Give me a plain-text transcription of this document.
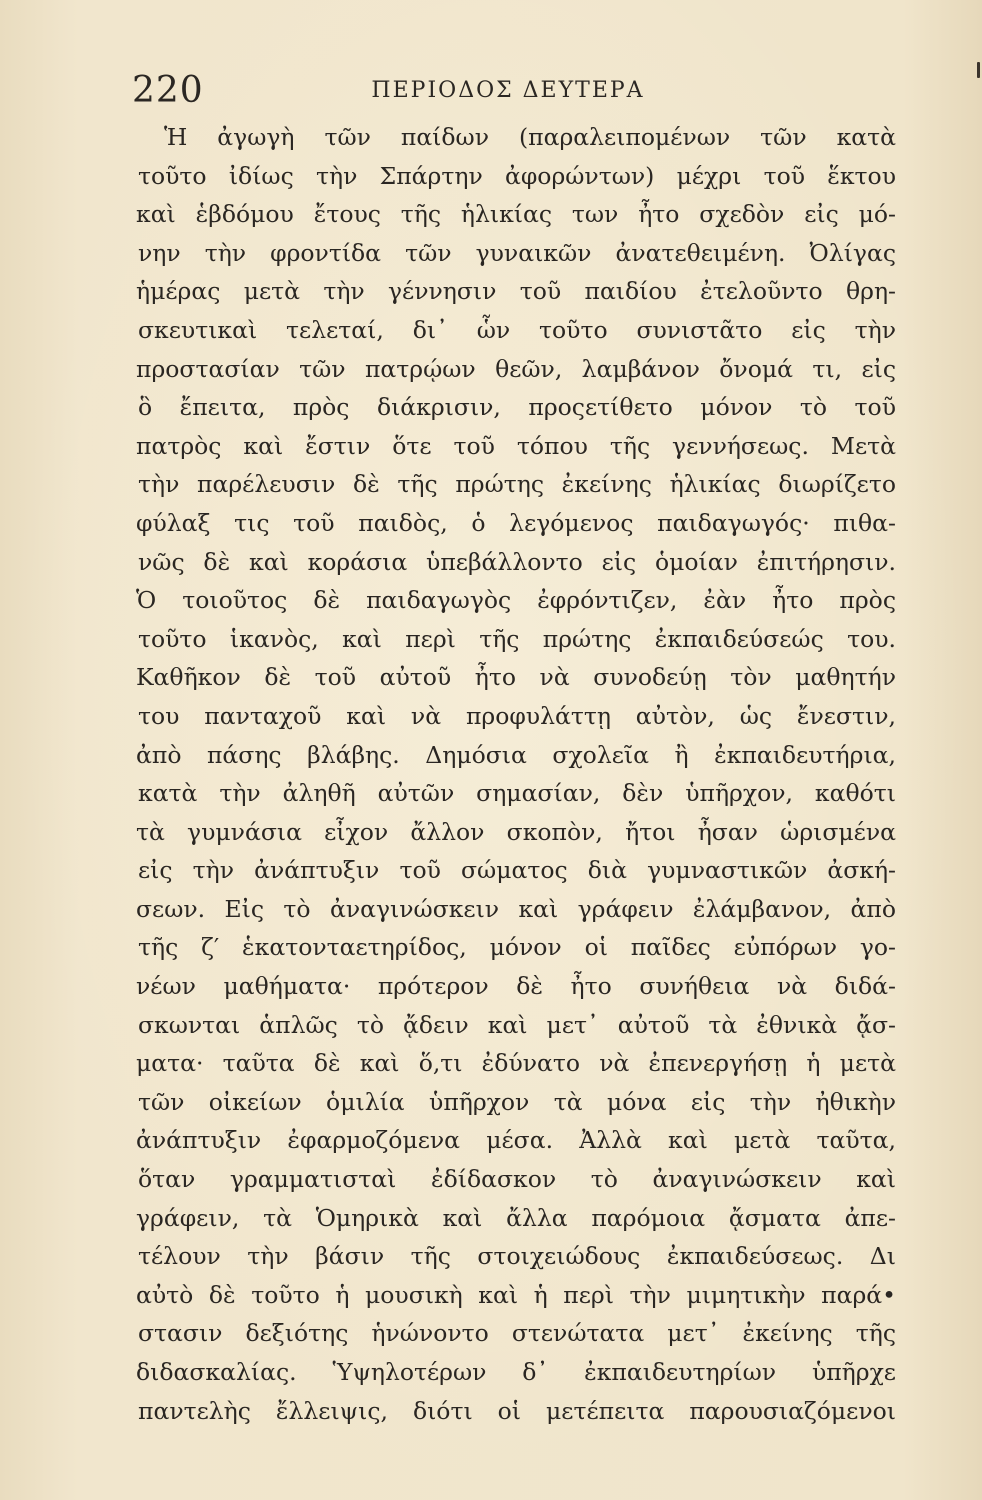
220	ΠΕΡΙΟΔΟΣ ΔΕΥΤΕΡΑ
Ἡ ἀγωγὴ τῶν παίδων (παραλειπομένων τῶν κατὰ
τοῦτο ἰδίως τὴν Σπάρτην ἀφορώντων) μέχρι τοῦ ἕκτου
καὶ ἑβδόμου ἔτους τῆς ἡλικίας των ἦτο σχεδὸν εἰς μό-
νην τὴν φροντίδα τῶν γυναικῶν ἀνατεθειμένη. Ὀλίγας
ἡμέρας μετὰ τὴν γέννησιν τοῦ παιδίου ἐτελοῦντο θρη-
σκευτικαὶ τελεταί, δι᾿ ὧν τοῦτο συνιστᾶτο εἰς τὴν
προστασίαν τῶν πατρῴων θεῶν, λαμβάνον ὄνομά τι, εἰς
ὃ ἔπειτα, πρὸς διάκρισιν, προςετίθετο μόνον τὸ τοῦ
πατρὸς καὶ ἔστιν ὅτε τοῦ τόπου τῆς γεννήσεως. Μετὰ
τὴν παρέλευσιν δὲ τῆς πρώτης ἐκείνης ἡλικίας διωρίζετο
φύλαξ τις τοῦ παιδὸς, ὁ λεγόμενος παιδαγωγός· πιθα-
νῶς δὲ καὶ κοράσια ὑπεβάλλοντο εἰς ὁμοίαν ἐπιτήρησιν.
Ὁ τοιοῦτος δὲ παιδαγωγὸς ἐφρόντιζεν, ἐὰν ἦτο πρὸς
τοῦτο ἱκανὸς, καὶ περὶ τῆς πρώτης ἐκπαιδεύσεώς του.
Καθῆκον δὲ τοῦ αὐτοῦ ἦτο νὰ συνοδεύῃ τὸν μαθητήν
του πανταχοῦ καὶ νὰ προφυλάττῃ αὐτὸν, ὡς ἔνεστιν,
ἀπὸ πάσης βλάβης. Δημόσια σχολεῖα ἢ ἐκπαιδευτήρια,
κατὰ τὴν ἀληθῆ αὐτῶν σημασίαν, δὲν ὑπῆρχον, καθότι
τὰ γυμνάσια εἶχον ἄλλον σκοπὸν, ἤτοι ἦσαν ὡρισμένα
εἰς τὴν ἀνάπτυξιν τοῦ σώματος διὰ γυμναστικῶν ἀσκή-
σεων. Εἰς τὸ ἀναγινώσκειν καὶ γράφειν ἐλάμβανον, ἀπὸ
τῆς ζ′ ἑκατονταετηρίδος, μόνον οἱ παῖδες εὐπόρων γο-
νέων μαθήματα· πρότερον δὲ ἦτο συνήθεια νὰ διδά-
σκωνται ἁπλῶς τὸ ᾄδειν καὶ μετ᾿ αὐτοῦ τὰ ἐθνικὰ ᾄσ-
ματα· ταῦτα δὲ καὶ ὅ,τι ἐδύνατο νὰ ἐπενεργήσῃ ἡ μετὰ
τῶν οἰκείων ὁμιλία ὑπῆρχον τὰ μόνα εἰς τὴν ἠθικὴν
ἀνάπτυξιν ἐφαρμοζόμενα μέσα. Ἀλλὰ καὶ μετὰ ταῦτα,
ὅταν γραμματισταὶ ἐδίδασκον τὸ ἀναγινώσκειν καὶ
γράφειν, τὰ Ὁμηρικὰ καὶ ἄλλα παρόμοια ᾄσματα ἀπε-
τέλουν τὴν βάσιν τῆς στοιχειώδους ἐκπαιδεύσεως. Δι
αὐτὸ δὲ τοῦτο ἡ μουσικὴ καὶ ἡ περὶ τὴν μιμητικὴν παρά•
στασιν δεξιότης ἡνώνοντο στενώτατα μετ᾿ ἐκείνης τῆς
διδασκαλίας. Ὑψηλοτέρων δ᾿ ἐκπαιδευτηρίων ὑπῆρχε
παντελὴς ἔλλειψις, διότι οἱ μετέπειτα παρουσιαζόμενοι
